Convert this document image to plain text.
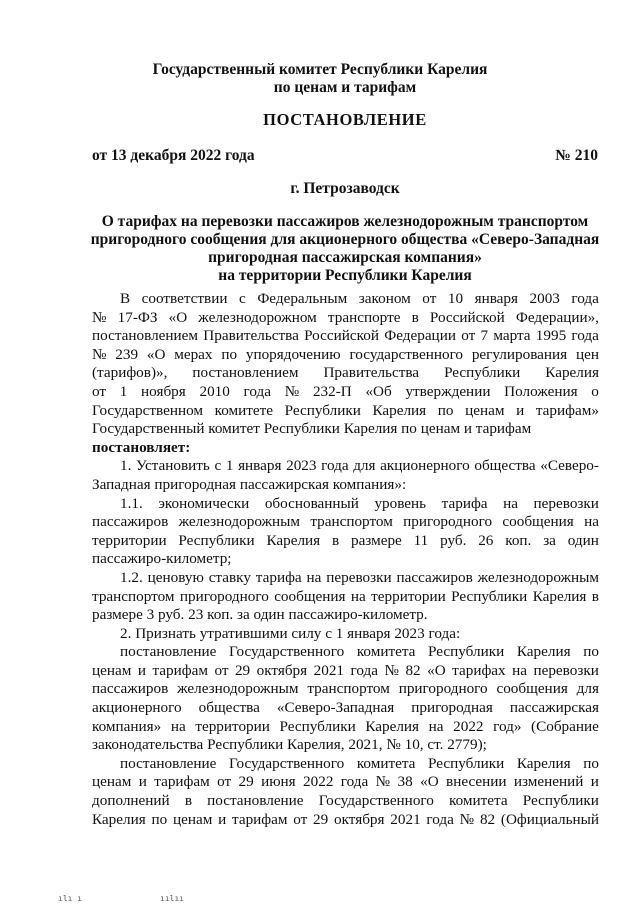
Государственный комитет Республики Карелия
по ценам и тарифам
ПОСТАНОВЛЕНИЕ
от 13 декабря 2022 года	№ 210
г. Петрозаводск
О тарифах на перевозки пассажиров железнодорожным транспортом
пригородного сообщения для акционерного общества «Северо-Западная
пригородная пассажирская компания»
на территории Республики Карелия
В соответствии с Федеральным законом от 10 января 2003 года
№ 17-ФЗ «О железнодорожном транспорте в Российской Федерации»,
постановлением Правительства Российской Федерации от 7 марта 1995 года
№ 239 «О мерах по упорядочению государственного регулирования цен
(тарифов)», постановлением Правительства Республики Карелия
от 1 ноября 2010 года № 232-П «Об утверждении Положения о
Государственном комитете Республики Карелия по ценам и тарифам»
Государственный комитет Республики Карелия по ценам и тарифам
постановляет:
1. Установить с 1 января 2023 года для акционерного общества «Северо-
Западная пригородная пассажирская компания»:
1.1. экономически обоснованный уровень тарифа на перевозки
пассажиров железнодорожным транспортом пригородного сообщения на
территории Республики Карелия в размере 11 руб. 26 коп. за один
пассажиро-километр;
1.2. ценовую ставку тарифа на перевозки пассажиров железнодорожным
транспортом пригородного сообщения на территории Республики Карелия в
размере 3 руб. 23 коп. за один пассажиро-километр.
2. Признать утратившими силу с 1 января 2023 года:
постановление Государственного комитета Республики Карелия по
ценам и тарифам от 29 октября 2021 года № 82 «О тарифах на перевозки
пассажиров железнодорожным транспортом пригородного сообщения для
акционерного общества «Северо-Западная пригородная пассажирская
компания» на территории Республики Карелия на 2022 год» (Собрание
законодательства Республики Карелия, 2021, № 10, ст. 2779);
постановление Государственного комитета Республики Карелия по
ценам и тарифам от 29 июня 2022 года № 38 «О внесении изменений и
дополнений в постановление Государственного комитета Республики
Карелия по ценам и тарифам от 29 октября 2021 года № 82 (Официальный
ılı ı	ıılıı
